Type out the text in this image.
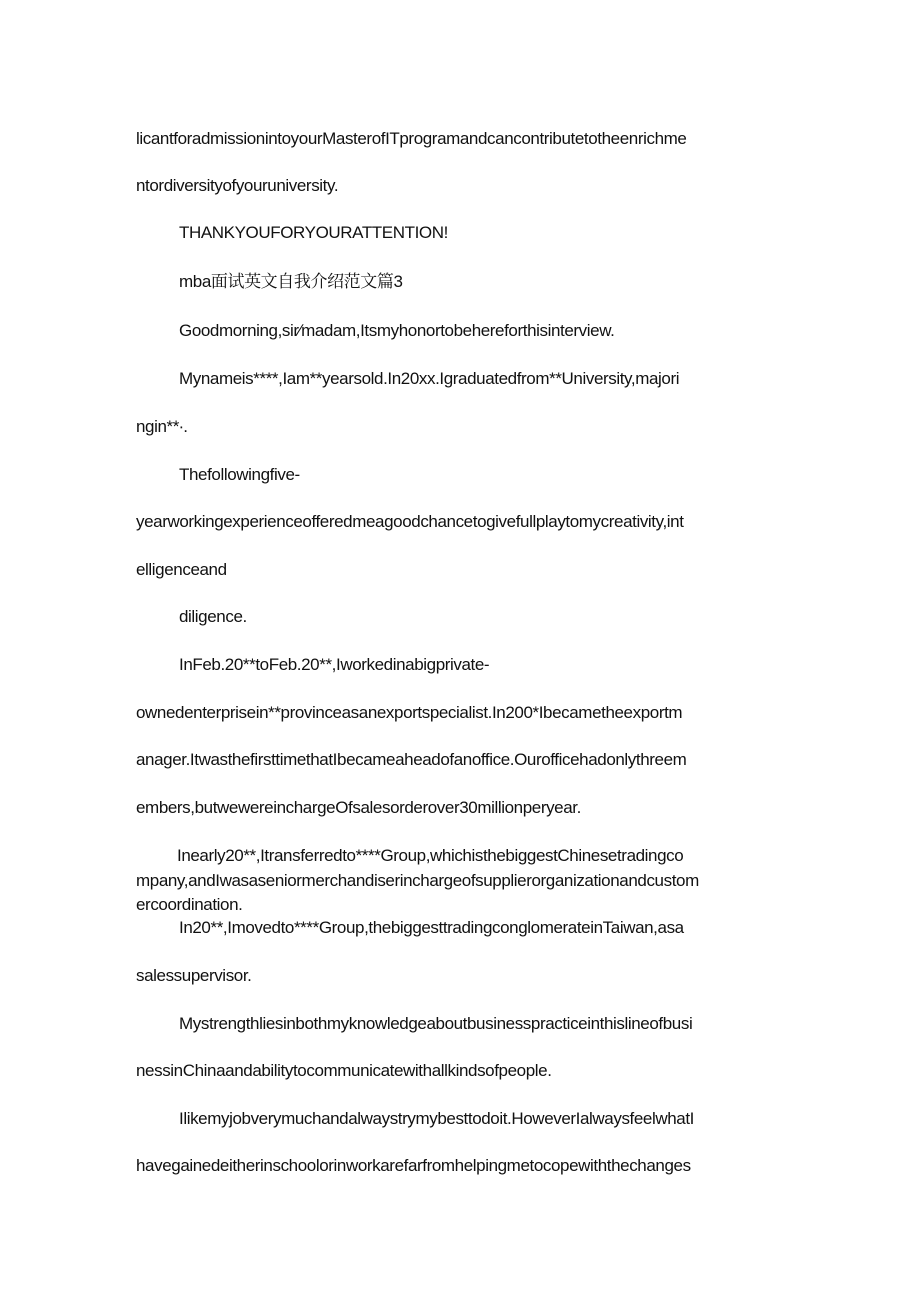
licantforadmissionintoyourMasterofITprogramandcancontributetotheenrichme
ntordiversityofyouruniversity.
THANKYOUFORYOURATTENTION!
mba面试英文自我介绍范文篇3
Goodmorning,sir∕madam,Itsmyhonortobehereforthisinterview.
Mynameis****,Iam**yearsold.In20xx.Igraduatedfrom**University,majori
ngin**∙.
Thefollowingfive-
yearworkingexperienceofferedmeagoodchancetogivefullplaytomycreativity,int
elligenceand
diligence.
InFeb.20**toFeb.20**,Iworkedinabigprivate-
ownedenterprisein**provinceasanexportspecialist.In200*Ibecametheexportm
anager.ItwasthefirsttimethatIbecameaheadofanoffice.Ourofficehadonlythreem
embers,butwewereinchargeOfsalesorderover30millionperyear.
Inearly20**,Itransferredto****Group,whichisthebiggestChinesetradingco
mpany,andIwasaseniormerchandiserinchargeofsupplierorganizationandcustom
ercoordination.
In20**,Imovedto****Group,thebiggesttradingconglomerateinTaiwan,asa
salessupervisor.
Mystrengthliesinbothmyknowledgeaboutbusinesspracticeinthislineofbusi
nessinChinaandabilitytocommunicatewithallkindsofpeople.
Ilikemyjobverymuchandalwaystrymybesttodoit.HoweverIalwaysfeelwhatI
havegainedeitherinschoolorinworkarefarfromhelpingmetocopewiththechanges
